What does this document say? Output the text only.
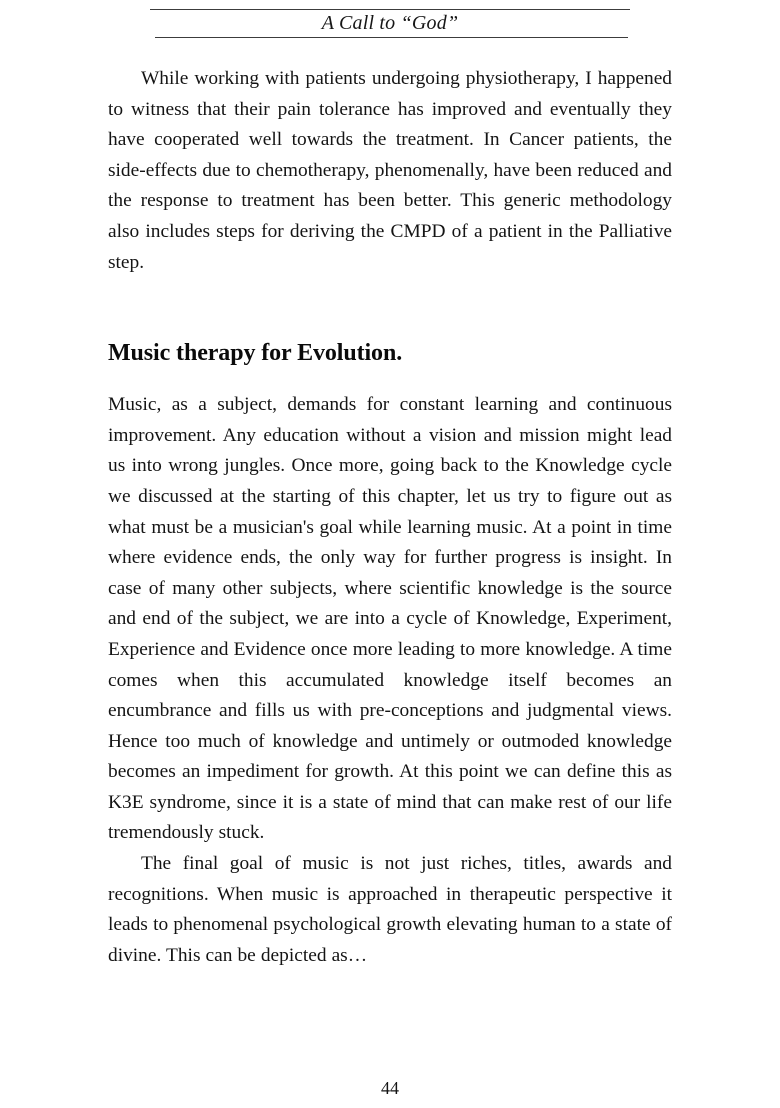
A Call to “God”

While working with patients undergoing physiotherapy, I happened to witness that their pain tolerance has improved and eventually they have cooperated well towards the treatment. In Cancer patients, the side-effects due to chemotherapy, phenomenally, have been reduced and the response to treatment has been better. This generic methodology also includes steps for deriving the CMPD of a patient in the Palliative step.

Music therapy for Evolution.

Music, as a subject, demands for constant learning and continuous improvement. Any education without a vision and mission might lead us into wrong jungles. Once more, going back to the Knowledge cycle we discussed at the starting of this chapter, let us try to figure out as what must be a musician's goal while learning music. At a point in time where evidence ends, the only way for further progress is insight. In case of many other subjects, where scientific knowledge is the source and end of the subject, we are into a cycle of Knowledge, Experiment, Experience and Evidence once more leading to more knowledge. A time comes when this accumulated knowledge itself becomes an encumbrance and fills us with pre-conceptions and judgmental views. Hence too much of knowledge and untimely or outmoded knowledge becomes an impediment for growth. At this point we can define this as K3E syndrome, since it is a state of mind that can make rest of our life tremendously stuck.

The final goal of music is not just riches, titles, awards and recognitions. When music is approached in therapeutic perspective it leads to phenomenal psychological growth elevating human to a state of divine. This can be depicted as…

44
